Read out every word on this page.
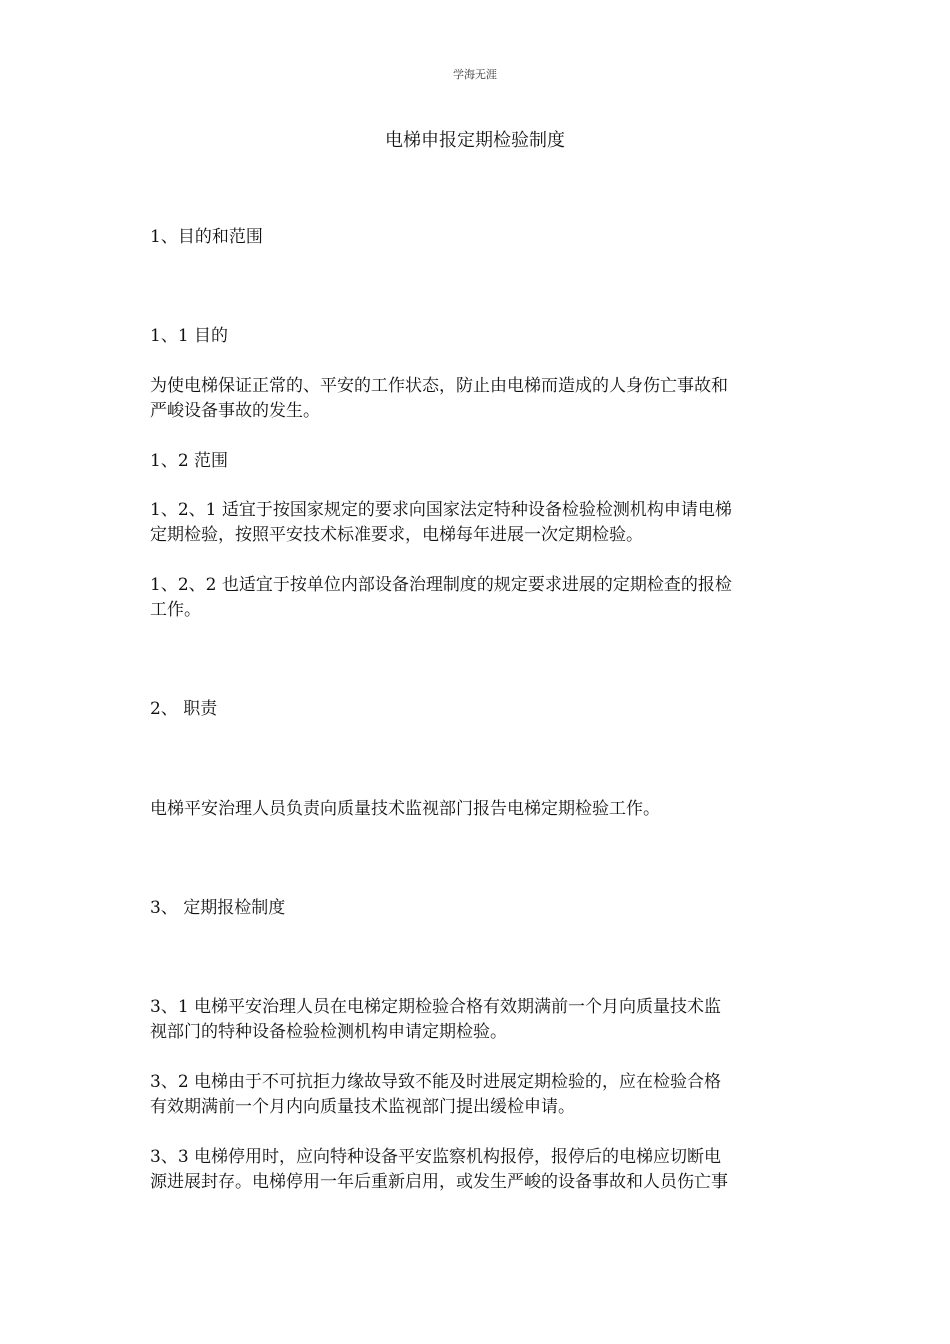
学海无涯
电梯申报定期检验制度
1、目的和范围
1、1 目的
为使电梯保证正常的、平安的工作状态，防止由电梯而造成的人身伤亡事故和
严峻设备事故的发生。
1、2 范围
1、2、1 适宜于按国家规定的要求向国家法定特种设备检验检测机构申请电梯
定期检验，按照平安技术标准要求，电梯每年进展一次定期检验。
1、2、2 也适宜于按单位内部设备治理制度的规定要求进展的定期检查的报检
工作。
2、 职责
电梯平安治理人员负责向质量技术监视部门报告电梯定期检验工作。
3、 定期报检制度
3、1 电梯平安治理人员在电梯定期检验合格有效期满前一个月向质量技术监
视部门的特种设备检验检测机构申请定期检验。
3、2 电梯由于不可抗拒力缘故导致不能及时进展定期检验的，应在检验合格
有效期满前一个月内向质量技术监视部门提出缓检申请。
3、3 电梯停用时，应向特种设备平安监察机构报停，报停后的电梯应切断电
源进展封存。电梯停用一年后重新启用，或发生严峻的设备事故和人员伤亡事
